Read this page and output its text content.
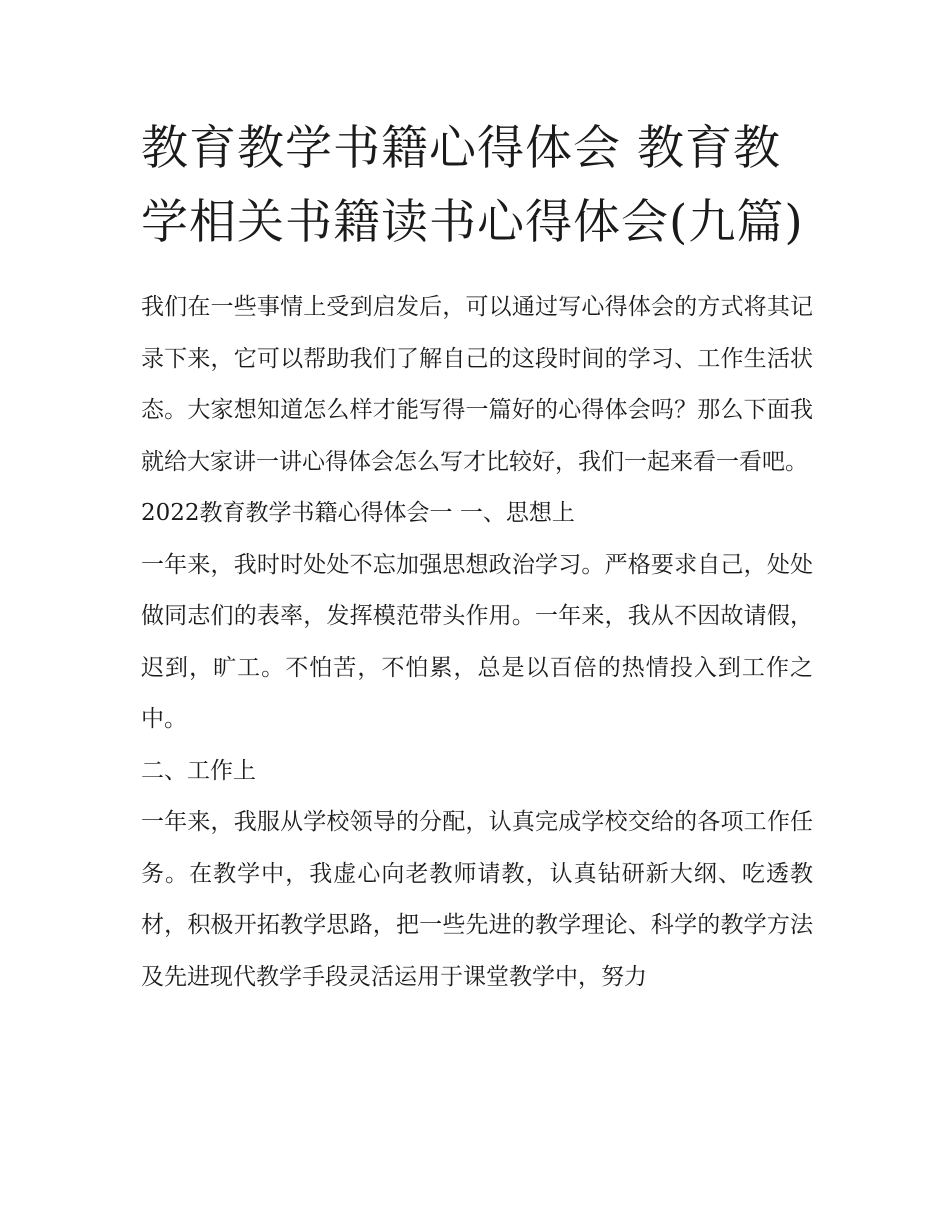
教育教学书籍心得体会 教育教学相关书籍读书心得体会(九篇)

我们在一些事情上受到启发后，可以通过写心得体会的方式将其记录下来，它可以帮助我们了解自己的这段时间的学习、工作生活状态。大家想知道怎么样才能写得一篇好的心得体会吗？那么下面我就给大家讲一讲心得体会怎么写才比较好，我们一起来看一看吧。

2022教育教学书籍心得体会一 一、思想上

一年来，我时时处处不忘加强思想政治学习。严格要求自己，处处做同志们的表率，发挥模范带头作用。一年来，我从不因故请假，迟到，旷工。不怕苦，不怕累，总是以百倍的热情投入到工作之中。

二、工作上

一年来，我服从学校领导的分配，认真完成学校交给的各项工作任务。在教学中，我虚心向老教师请教，认真钻研新大纲、吃透教材，积极开拓教学思路，把一些先进的教学理论、科学的教学方法及先进现代教学手段灵活运用于课堂教学中，努力
